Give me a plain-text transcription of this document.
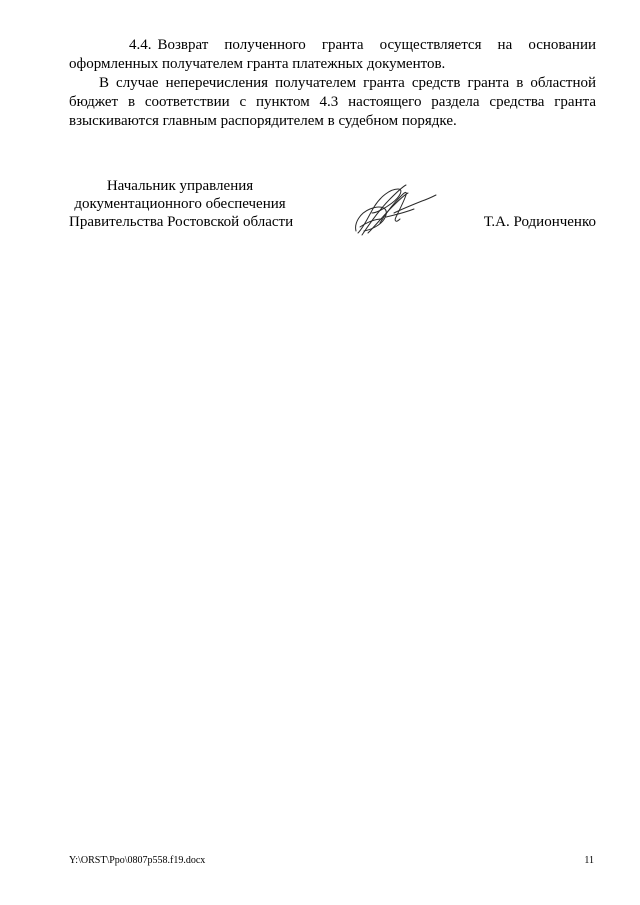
4.4. Возврат полученного гранта осуществляется на основании оформленных получателем гранта платежных документов.

В случае неперечисления получателем гранта средств гранта в областной бюджет в соответствии с пунктом 4.3 настоящего раздела средства гранта взыскиваются главным распорядителем в судебном порядке.

Начальник управления
документационного обеспечения
Правительства Ростовской области	Т.А. Родионченко
Y:\ORST\Ppo\0807p558.f19.docx	11
